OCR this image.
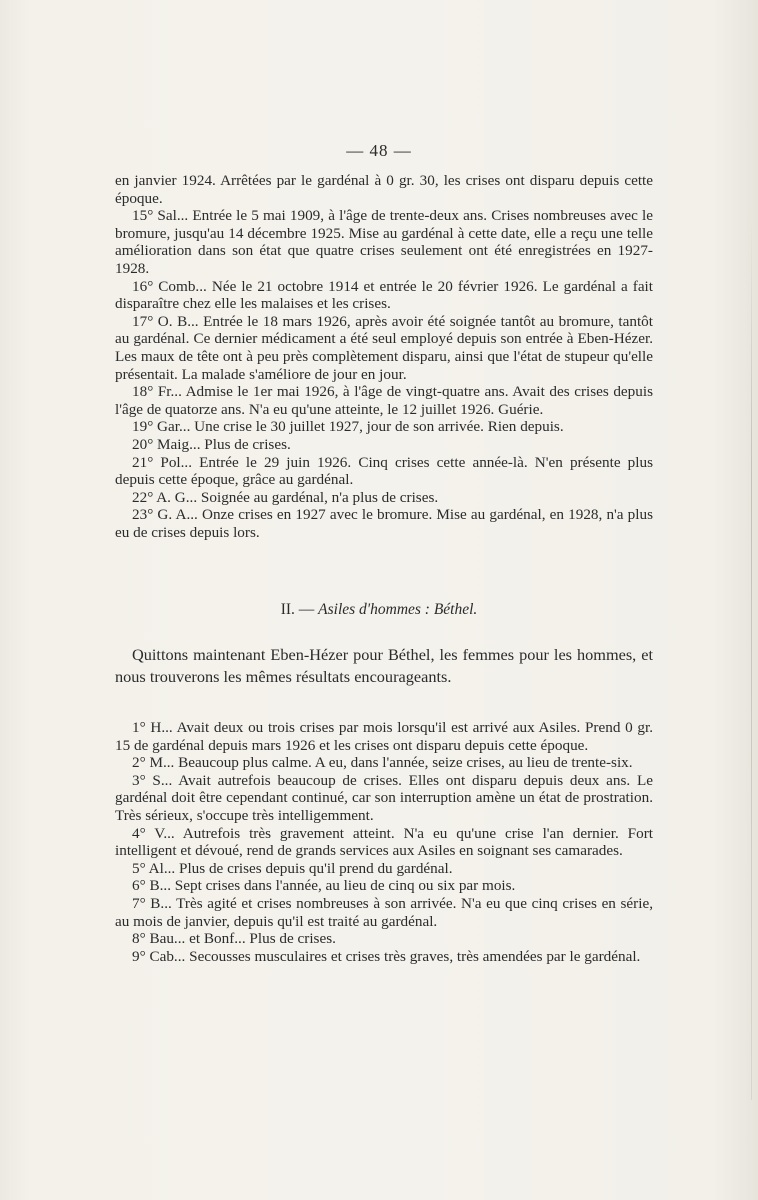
— 48 —

en janvier 1924. Arrêtées par le gardénal à 0 gr. 30, les crises ont disparu depuis cette époque.

15° Sal... Entrée le 5 mai 1909, à l'âge de trente-deux ans. Crises nombreuses avec le bromure, jusqu'au 14 décembre 1925. Mise au gardénal à cette date, elle a reçu une telle amélioration dans son état que quatre crises seulement ont été enregistrées en 1927-1928.

16° Comb... Née le 21 octobre 1914 et entrée le 20 février 1926. Le gardénal a fait disparaître chez elle les malaises et les crises.

17° O. B... Entrée le 18 mars 1926, après avoir été soignée tantôt au bromure, tantôt au gardénal. Ce dernier médicament a été seul employé depuis son entrée à Eben-Hézer. Les maux de tête ont à peu près complètement disparu, ainsi que l'état de stupeur qu'elle présentait. La malade s'améliore de jour en jour.

18° Fr... Admise le 1er mai 1926, à l'âge de vingt-quatre ans. Avait des crises depuis l'âge de quatorze ans. N'a eu qu'une atteinte, le 12 juillet 1926. Guérie.

19° Gar... Une crise le 30 juillet 1927, jour de son arrivée. Rien depuis.

20° Maig... Plus de crises.

21° Pol... Entrée le 29 juin 1926. Cinq crises cette année-là. N'en présente plus depuis cette époque, grâce au gardénal.

22° A. G... Soignée au gardénal, n'a plus de crises.

23° G. A... Onze crises en 1927 avec le bromure. Mise au gardénal, en 1928, n'a plus eu de crises depuis lors.

II. — Asiles d'hommes : Béthel.

Quittons maintenant Eben-Hézer pour Béthel, les femmes pour les hommes, et nous trouverons les mêmes résultats encourageants.

1° H... Avait deux ou trois crises par mois lorsqu'il est arrivé aux Asiles. Prend 0 gr. 15 de gardénal depuis mars 1926 et les crises ont disparu depuis cette époque.

2° M... Beaucoup plus calme. A eu, dans l'année, seize crises, au lieu de trente-six.

3° S... Avait autrefois beaucoup de crises. Elles ont disparu depuis deux ans. Le gardénal doit être cependant continué, car son interruption amène un état de prostration. Très sérieux, s'occupe très intelligemment.

4° V... Autrefois très gravement atteint. N'a eu qu'une crise l'an dernier. Fort intelligent et dévoué, rend de grands services aux Asiles en soignant ses camarades.

5° Al... Plus de crises depuis qu'il prend du gardénal.

6° B... Sept crises dans l'année, au lieu de cinq ou six par mois.

7° B... Très agité et crises nombreuses à son arrivée. N'a eu que cinq crises en série, au mois de janvier, depuis qu'il est traité au gardénal.

8° Bau... et Bonf... Plus de crises.

9° Cab... Secousses musculaires et crises très graves, très amendées par le gardénal.
